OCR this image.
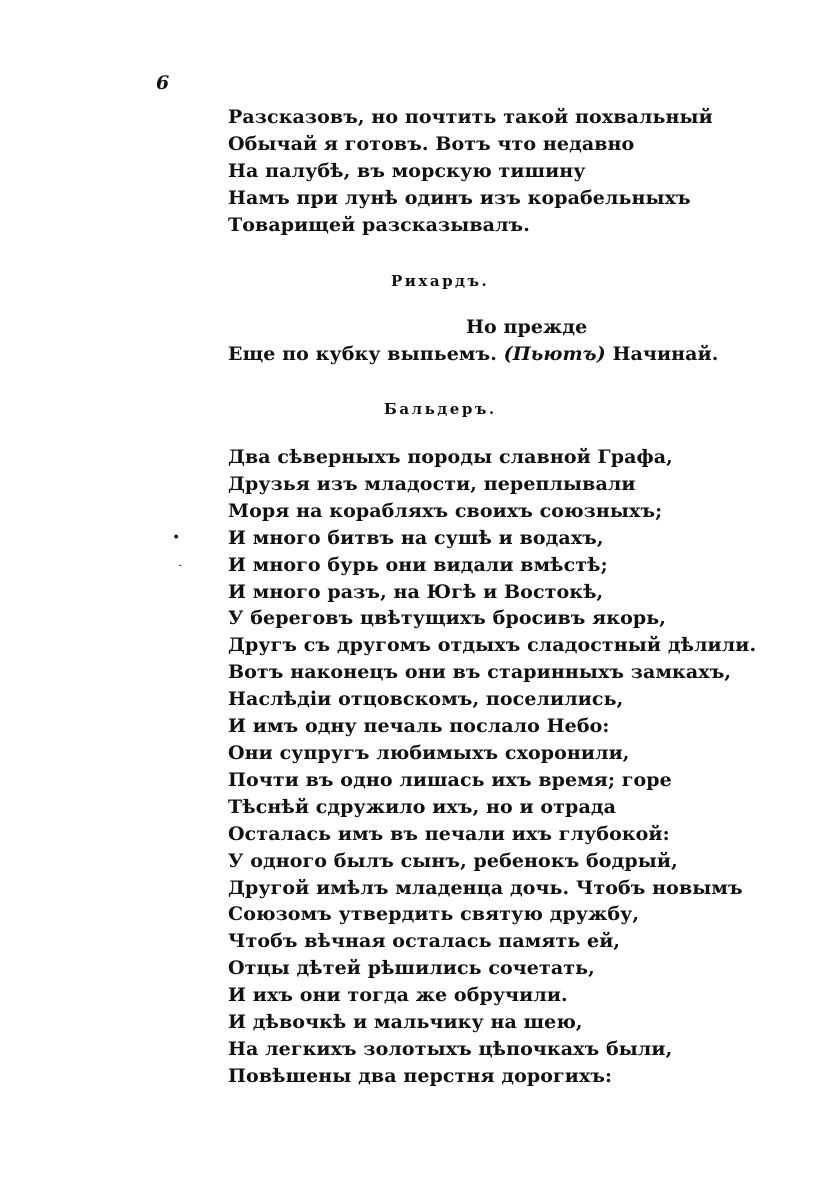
6
Разсказовъ, но почтить такой похвальный
Обычай я готовъ. Вотъ что недавно
На палубѣ, въ морскую тишину
Намъ при лунѣ одинъ изъ корабельныхъ
Товарищей разсказывалъ.
Рихардъ.
Но прежде
Еще по кубку выпьемъ. (Пьютъ) Начинай.
Бальдеръ.
Два сѣверныхъ породы славной Графа,
Друзья изъ младости, переплывали
Моря на корабляхъ своихъ союзныхъ;
И много битвъ на сушѣ и водахъ,
И много бурь они видали вмѣстѣ;
И много разъ, на Югѣ и Востокѣ,
У береговъ цвѣтущихъ бросивъ якорь,
Другъ съ другомъ отдыхъ сладостный дѣлили.
Вотъ наконецъ они въ старинныхъ замкахъ,
Наслѣдіи отцовскомъ, поселились,
И имъ одну печаль послало Небо:
Они супругъ любимыхъ схоронили,
Почти въ одно лишась ихъ время; горе
Тѣснѣй сдружило ихъ, но и отрада
Осталась имъ въ печали ихъ глубокой:
У одного былъ сынъ, ребенокъ бодрый,
Другой имѣлъ младенца дочь. Чтобъ новымъ
Союзомъ утвердить святую дружбу,
Чтобъ вѣчная осталась память ей,
Отцы дѣтей рѣшились сочетать,
И ихъ они тогда же обручили.
И дѣвочкѣ и мальчику на шею,
На легкихъ золотыхъ цѣпочкахъ были,
Повѣшены два перстня дорогихъ:
•
ˏ
